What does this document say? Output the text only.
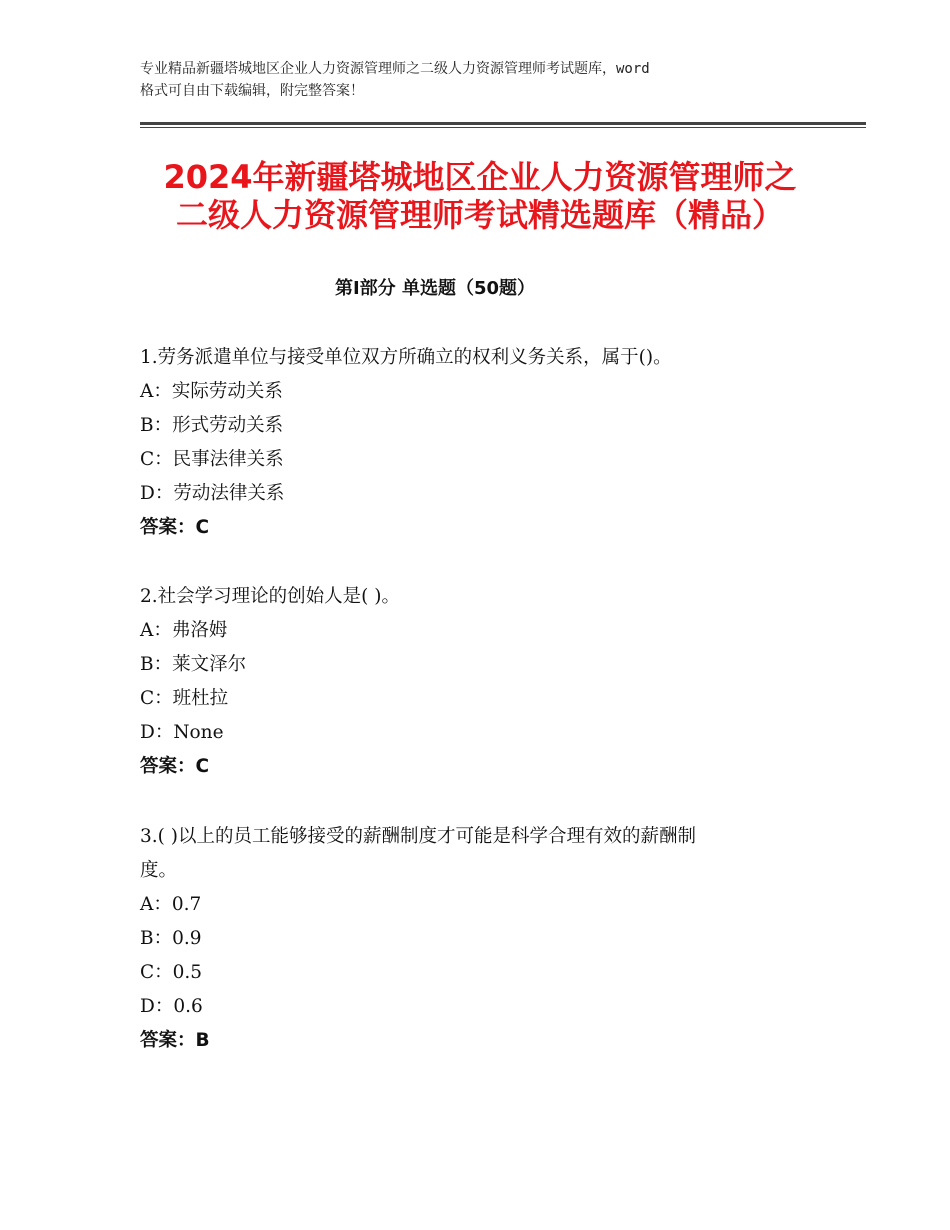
专业精品新疆塔城地区企业人力资源管理师之二级人力资源管理师考试题库，word
格式可自由下载编辑，附完整答案！
2024年新疆塔城地区企业人力资源管理师之
二级人力资源管理师考试精选题库（精品）
第Ⅰ部分 单选题（50题）

1.劳务派遣单位与接受单位双方所确立的权利义务关系，属于()。

A：实际劳动关系

B：形式劳动关系

C：民事法律关系

D：劳动法律关系

答案：C

2.社会学习理论的创始人是( )。

A：弗洛姆

B：莱文泽尔

C：班杜拉

D：None

答案：C

3.( )以上的员工能够接受的薪酬制度才可能是科学合理有效的薪酬制

度。

A：0.7

B：0.9

C：0.5

D：0.6

答案：B
